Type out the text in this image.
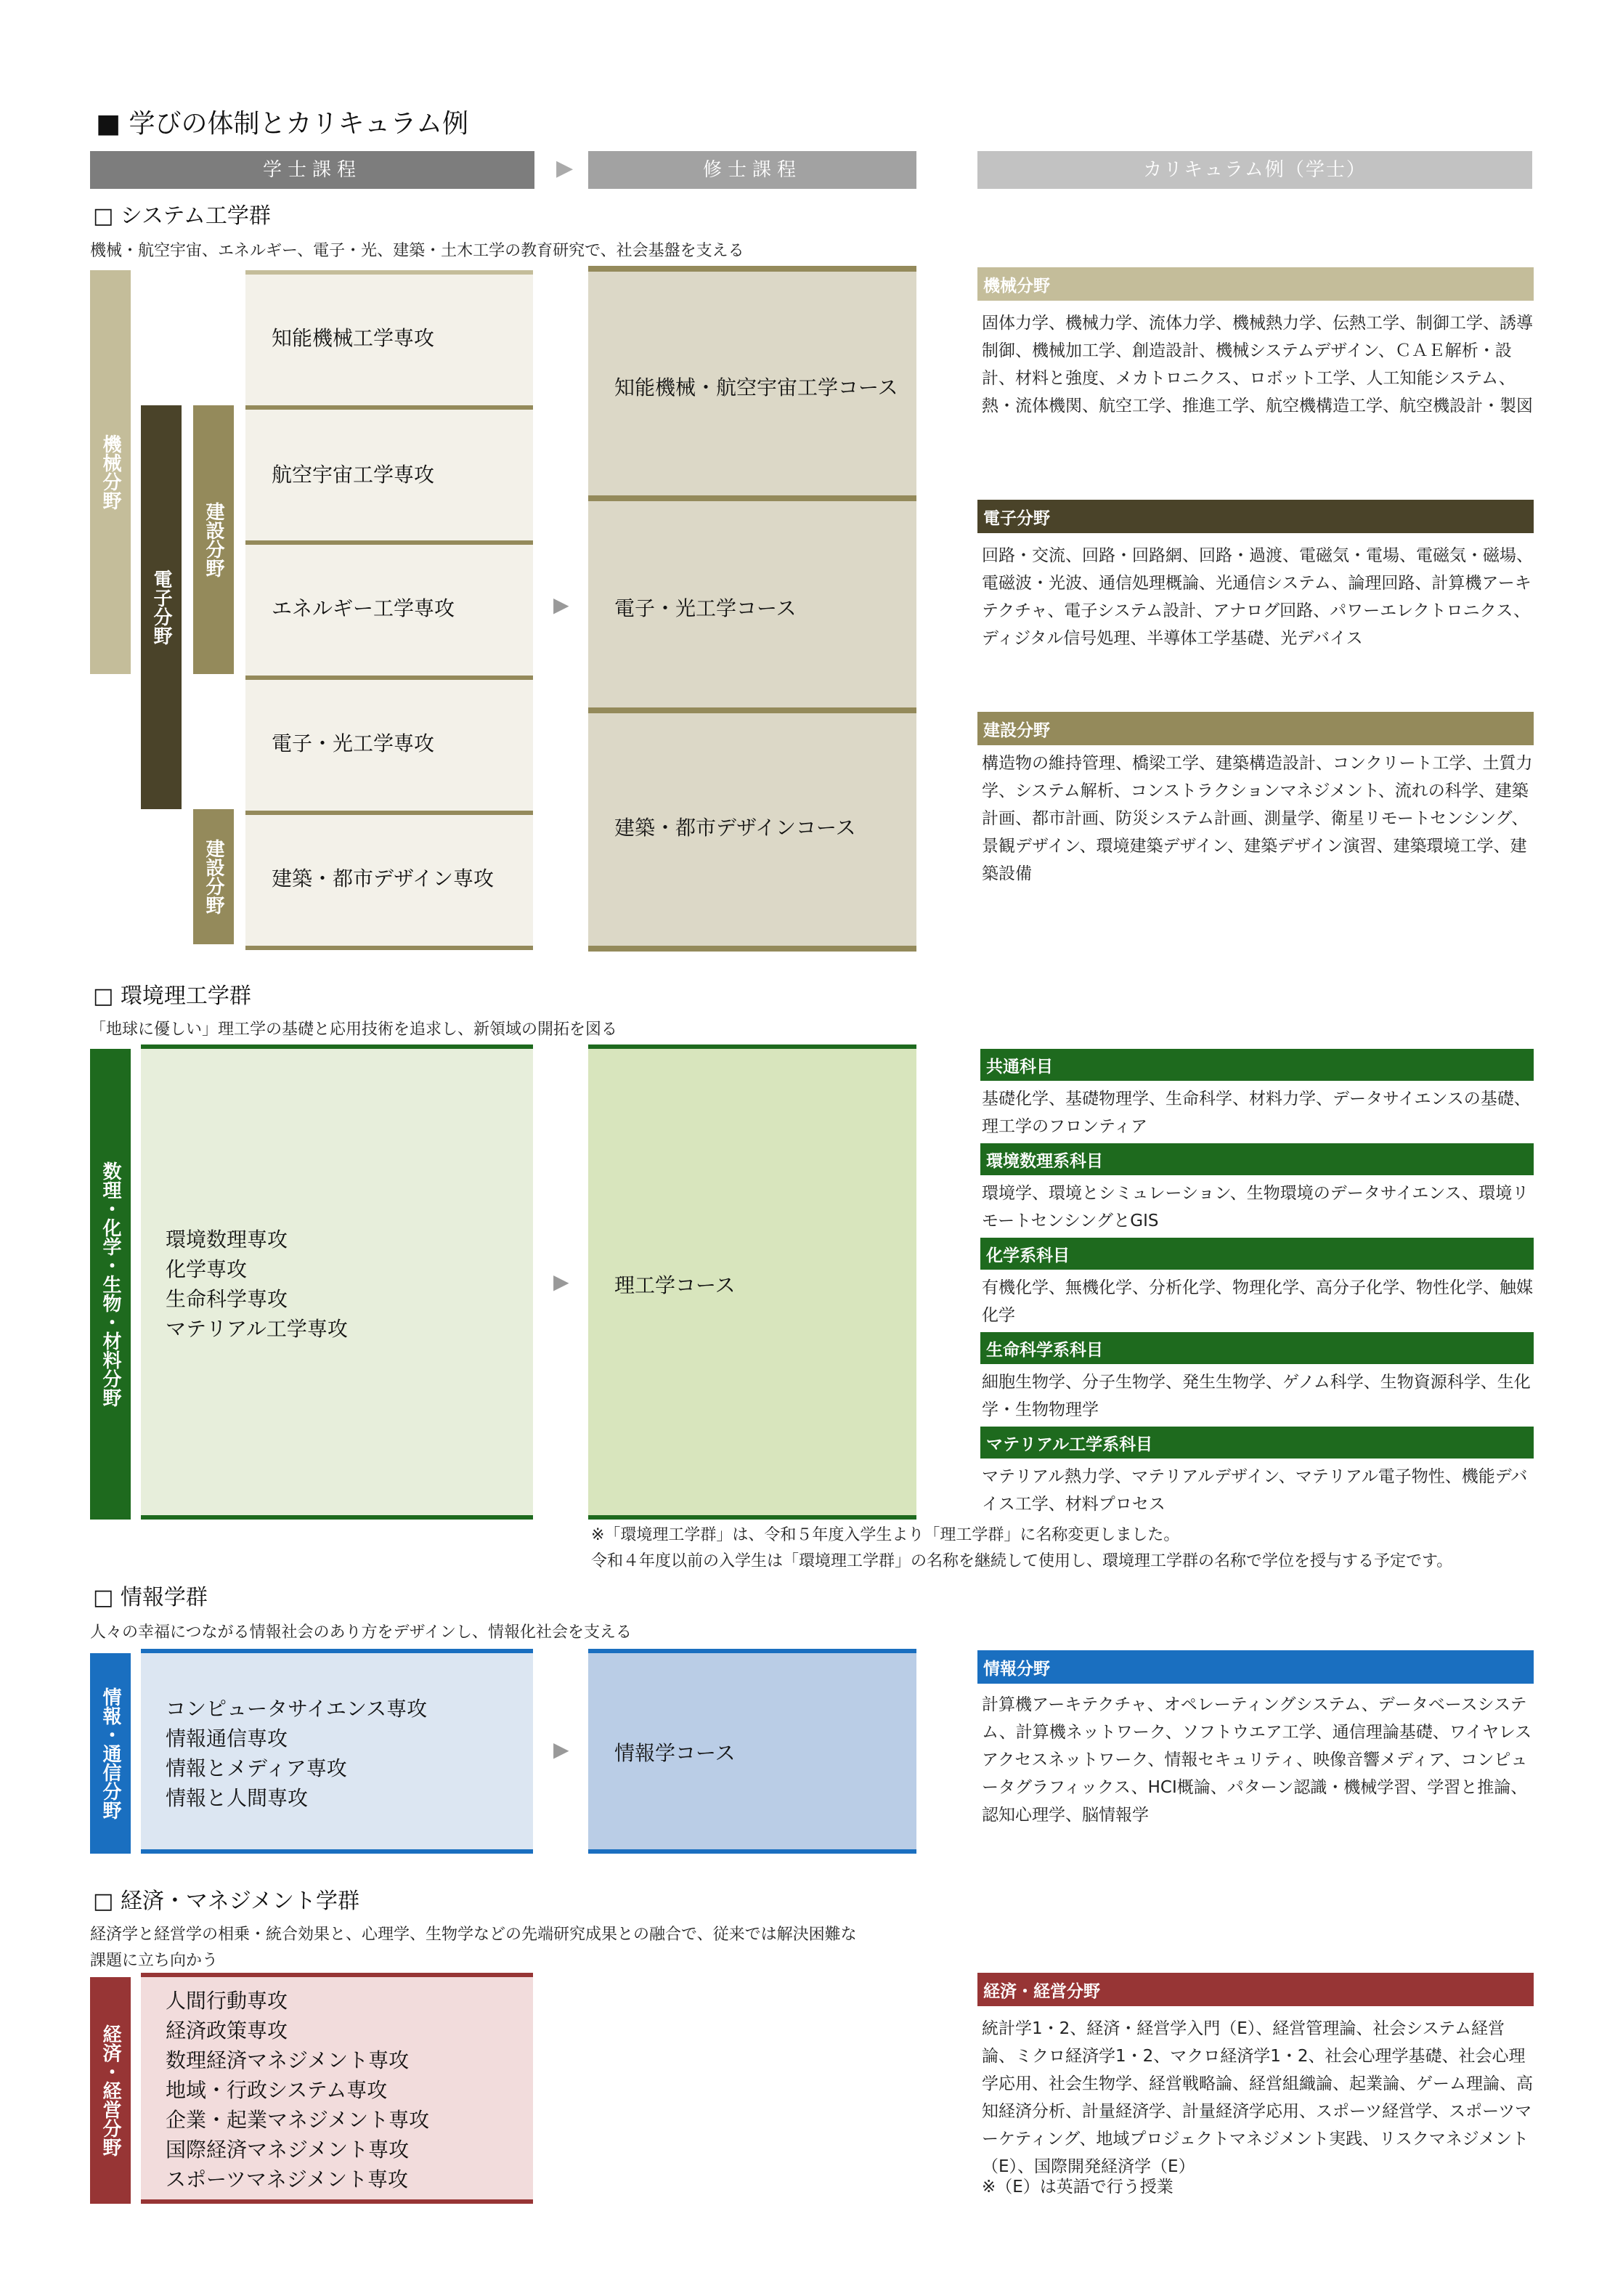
■ 学びの体制とカリキュラム例
学士課程	▶	修士課程	カリキュラム例（学士）
□ システム工学群
機械・航空宇宙、エネルギー、電子・光、建築・土木工学の教育研究で、社会基盤を支える
機械分野
電子分野
建設分野
建設分野
知能機械工学専攻
航空宇宙工学専攻
エネルギー工学専攻
電子・光工学専攻
建築・都市デザイン専攻
▶
知能機械・航空宇宙工学コース
電子・光工学コース
建築・都市デザインコース
機械分野
固体力学、機械力学、流体力学、機械熱力学、伝熱工学、制御工学、誘導制御、機械加工学、創造設計、機械システムデザイン、ＣＡＥ解析・設計、材料と強度、メカトロニクス、ロボット工学、人工知能システム、熱・流体機関、航空工学、推進工学、航空機構造工学、航空機設計・製図
電子分野
回路・交流、回路・回路網、回路・過渡、電磁気・電場、電磁気・磁場、電磁波・光波、通信処理概論、光通信システム、論理回路、計算機アーキテクチャ、電子システム設計、アナログ回路、パワーエレクトロニクス、ディジタル信号処理、半導体工学基礎、光デバイス
建設分野
構造物の維持管理、橋梁工学、建築構造設計、コンクリート工学、土質力学、システム解析、コンストラクションマネジメント、流れの科学、建築計画、都市計画、防災システム計画、測量学、衛星リモートセンシング、景観デザイン、環境建築デザイン、建築デザイン演習、建築環境工学、建築設備
□ 環境理工学群
「地球に優しい」理工学の基礎と応用技術を追求し、新領域の開拓を図る
数理・化学・生物・材料分野 環境数理専攻
化学専攻
生命科学専攻
マテリアル工学専攻
▶ 理工学コース
共通科目
基礎化学、基礎物理学、生命科学、材料力学、データサイエンスの基礎、理工学のフロンティア
環境数理系科目
環境学、環境とシミュレーション、生物環境のデータサイエンス、環境リモートセンシングとGIS
化学系科目
有機化学、無機化学、分析化学、物理化学、高分子化学、物性化学、触媒化学
生命科学系科目
細胞生物学、分子生物学、発生生物学、ゲノム科学、生物資源科学、生化学・生物物理学
マテリアル工学系科目
マテリアル熱力学、マテリアルデザイン、マテリアル電子物性、機能デバイス工学、材料プロセス
※「環境理工学群」は、令和５年度入学生より「理工学群」に名称変更しました。
令和４年度以前の入学生は「環境理工学群」の名称を継続して使用し、環境理工学群の名称で学位を授与する予定です。
□ 情報学群
人々の幸福につながる情報社会のあり方をデザインし、情報化社会を支える
情報・通信分野 コンピュータサイエンス専攻
情報通信専攻
情報とメディア専攻
情報と人間専攻
▶ 情報学コース
情報分野
計算機アーキテクチャ、オペレーティングシステム、データベースシステム、計算機ネットワーク、ソフトウエア工学、通信理論基礎、ワイヤレスアクセスネットワーク、情報セキュリティ、映像音響メディア、コンピュータグラフィックス、HCI概論、パターン認識・機械学習、学習と推論、認知心理学、脳情報学
□ 経済・マネジメント学群
経済学と経営学の相乗・統合効果と、心理学、生物学などの先端研究成果との融合で、従来では解決困難な
課題に立ち向かう
経済・経営分野
人間行動専攻
経済政策専攻
数理経済マネジメント専攻
地域・行政システム専攻
企業・起業マネジメント専攻
国際経済マネジメント専攻
スポーツマネジメント専攻
経済・経営分野
統計学1・2、経済・経営学入門（E）、経営管理論、社会システム経営論、ミクロ経済学1・2、マクロ経済学1・2、社会心理学基礎、社会心理学応用、社会生物学、経営戦略論、経営組織論、起業論、ゲーム理論、高知経済分析、計量経済学、計量経済学応用、スポーツ経営学、スポーツマーケティング、地域プロジェクトマネジメント実践、リスクマネジメント（E）、国際開発経済学（E）
※（E）は英語で行う授業
